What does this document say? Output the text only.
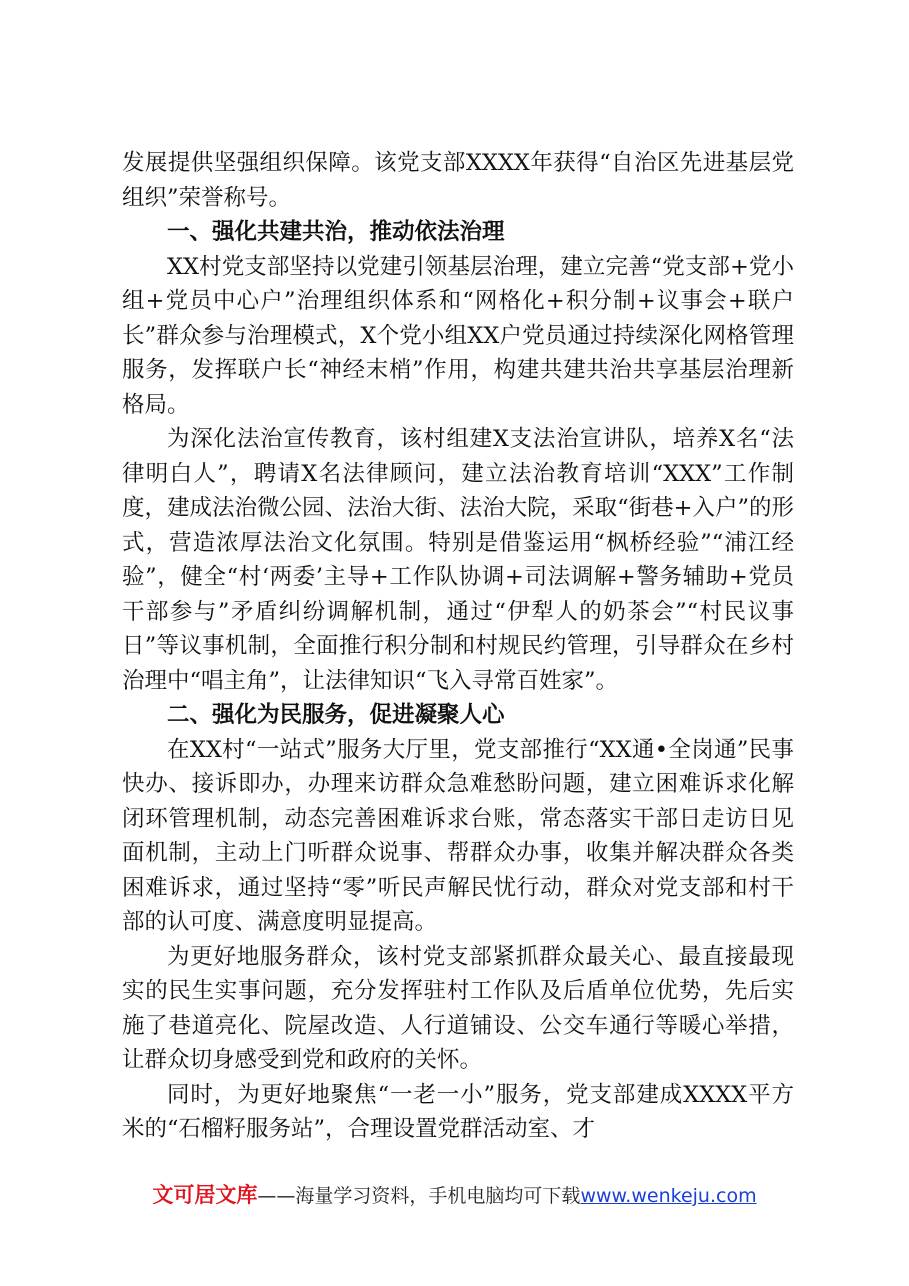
发展提供坚强组织保障。该党支部XXXX年获得“自治区先进基层党组织”荣誉称号。

一、强化共建共治，推动依法治理

XX村党支部坚持以党建引领基层治理，建立完善“党支部+党小组+党员中心户”治理组织体系和“网格化+积分制+议事会+联户长”群众参与治理模式，X个党小组XX户党员通过持续深化网格管理服务，发挥联户长“神经末梢”作用，构建共建共治共享基层治理新格局。

为深化法治宣传教育，该村组建X支法治宣讲队，培养X名“法律明白人”，聘请X名法律顾问，建立法治教育培训“XXX”工作制度，建成法治微公园、法治大街、法治大院，采取“街巷+入户”的形式，营造浓厚法治文化氛围。特别是借鉴运用“枫桥经验”“浦江经验”，健全“村‘两委’主导+工作队协调+司法调解+警务辅助+党员干部参与”矛盾纠纷调解机制，通过“伊犁人的奶茶会”“村民议事日”等议事机制，全面推行积分制和村规民约管理，引导群众在乡村治理中“唱主角”，让法律知识“飞入寻常百姓家”。

二、强化为民服务，促进凝聚人心

在XX村“一站式”服务大厅里，党支部推行“XX通•全岗通”民事快办、接诉即办，办理来访群众急难愁盼问题，建立困难诉求化解闭环管理机制，动态完善困难诉求台账，常态落实干部日走访日见面机制，主动上门听群众说事、帮群众办事，收集并解决群众各类困难诉求，通过坚持“零”听民声解民忧行动，群众对党支部和村干部的认可度、满意度明显提高。

为更好地服务群众，该村党支部紧抓群众最关心、最直接最现实的民生实事问题，充分发挥驻村工作队及后盾单位优势，先后实施了巷道亮化、院屋改造、人行道铺设、公交车通行等暖心举措，让群众切身感受到党和政府的关怀。

同时，为更好地聚焦“一老一小”服务，党支部建成XXXX平方米的“石榴籽服务站”，合理设置党群活动室、才

文可居文库——海量学习资料，手机电脑均可下载www.wenkeju.com
